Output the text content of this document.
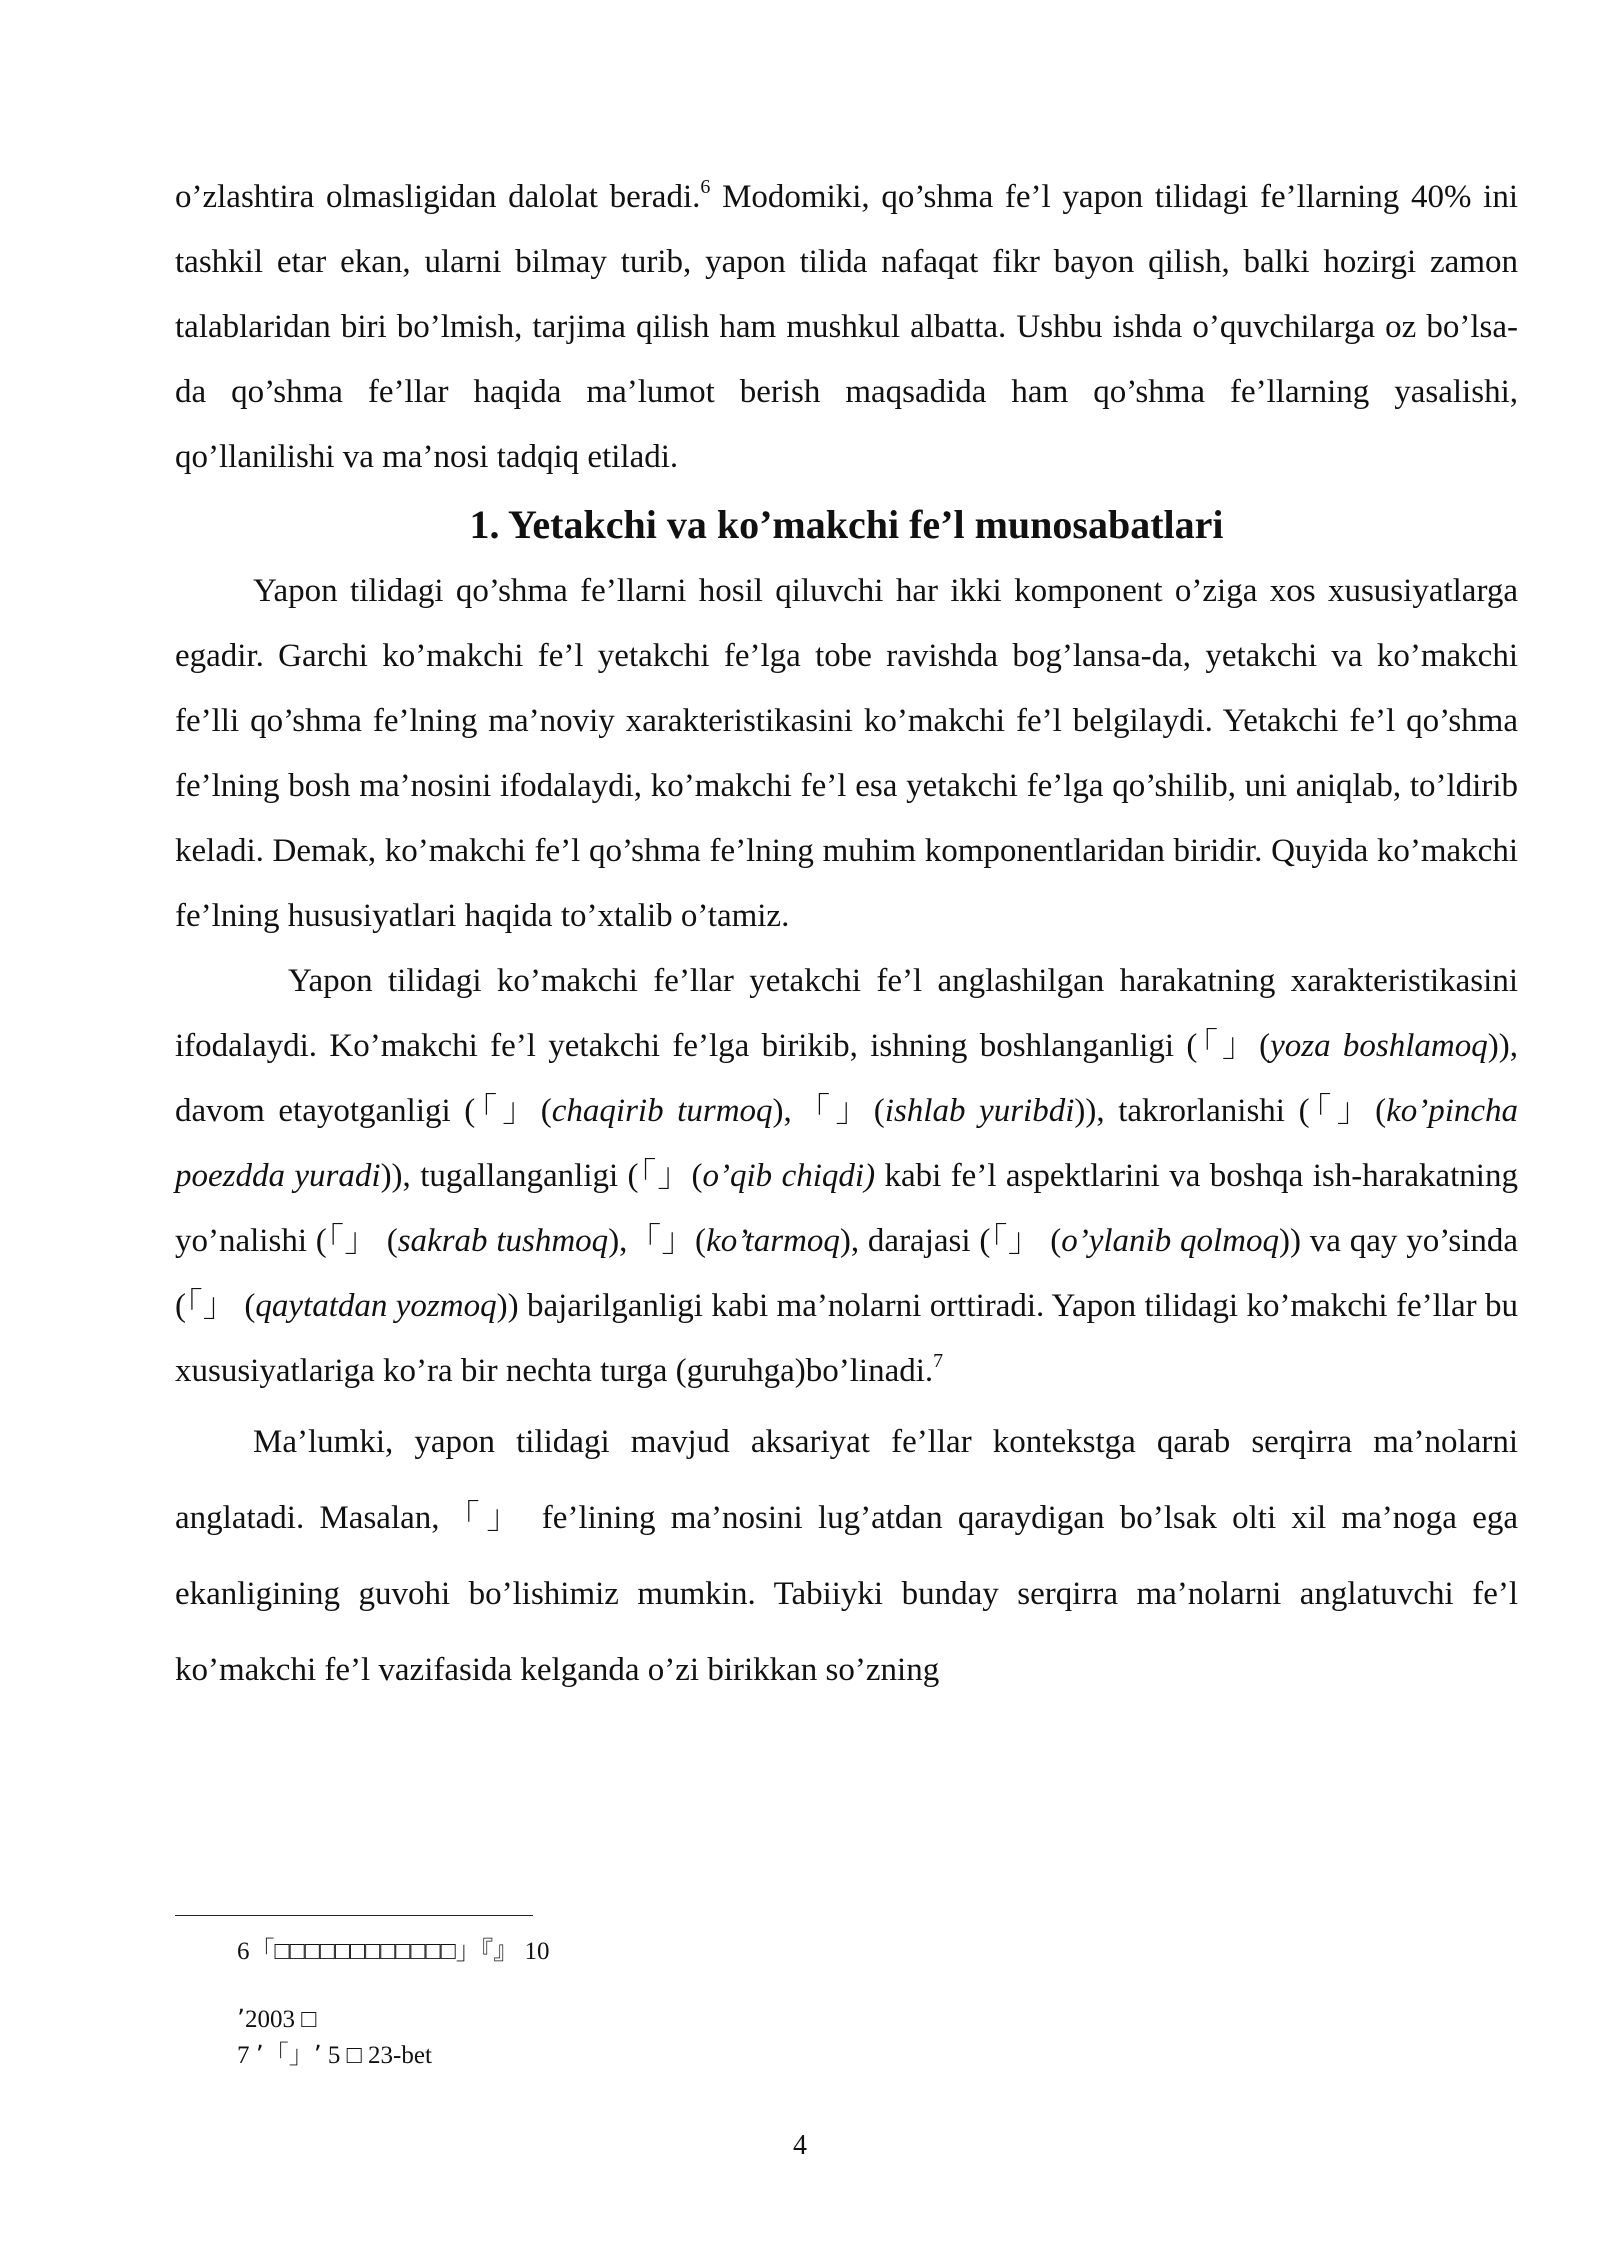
o’zlashtira olmasligidan dalolat beradi.$^6$ Modomiki, qo’shma fe’l yapon tilidagi fe’llarning 40% ini tashkil etar ekan, ularni bilmay turib, yapon tilida nafaqat fikr bayon qilish, balki hozirgi zamon talablaridan biri bo’lmish, tarjima qilish ham mushkul albatta. Ushbu ishda o’quvchilarga oz bo’lsa-da qo’shma fe’llar haqida ma’lumot berish maqsadida ham qo’shma fe’llarning yasalishi, qo’llanilishi va ma’nosi tadqiq etiladi.

1. Yetakchi va ko’makchi fe’l munosabatlari

Yapon tilidagi qo’shma fe’llarni hosil qiluvchi har ikki komponent o’ziga xos xususiyatlarga egadir. Garchi ko’makchi fe’l yetakchi fe’lga tobe ravishda bog’lansa-da, yetakchi va ko’makchi fe’lli qo’shma fe’lning ma’noviy xarakteristikasini ko’makchi fe’l belgilaydi. Yetakchi fe’l qo’shma fe’lning bosh ma’nosini ifodalaydi, ko’makchi fe’l esa yetakchi fe’lga qo’shilib, uni aniqlab, to’ldirib keladi. Demak, ko’makchi fe’l qo’shma fe’lning muhim komponentlaridan biridir. Quyida ko’makchi fe’lning hususiyatlari haqida to’xtalib o’tamiz.

Yapon tilidagi ko’makchi fe’llar yetakchi fe’l anglashilgan harakatning xarakteristikasini ifodalaydi. Ko’makchi fe’l yetakchi fe’lga birikib, ishning boshlanganligi (「」(yoza boshlamoq)), davom etayotganligi (「」(chaqirib turmoq),「」(ishlab yuribdi)), takrorlanishi (「」(ko’pincha poezdda yuradi)), tugallanganligi (「」(o’qib chiqdi) kabi fe’l aspektlarini va boshqa ish-harakatning yo’nalishi (「」 (sakrab tushmoq),「」(ko’tarmoq), darajasi (「」 (o’ylanib qolmoq)) va qay yo’sinda (「」 (qaytatdan yozmoq)) bajarilganligi kabi ma’nolarni orttiradi. Yapon tilidagi ko’makchi fe’llar bu xususiyatlariga ko’ra bir nechta turga (guruhga)bo’linadi.$^7$

Ma’lumki, yapon tilidagi mavjud aksariyat fe’llar kontekstga qarab serqirra ma’nolarni anglatadi. Masalan,「」 fe’lining ma’nosini lug’atdan qaraydigan bo’lsak olti xil ma’noga ega ekanligining guvohi bo’lishimiz mumkin. Tabiiyki bunday serqirra ma’nolarni anglatuvchi fe’l ko’makchi fe’l vazifasida kelganda o’zi birikkan so’zning

6「□□□□□□□□□□□□」『』 10

٬2003 □

7 ٬「」٬ 5 □ 23-bet

4
